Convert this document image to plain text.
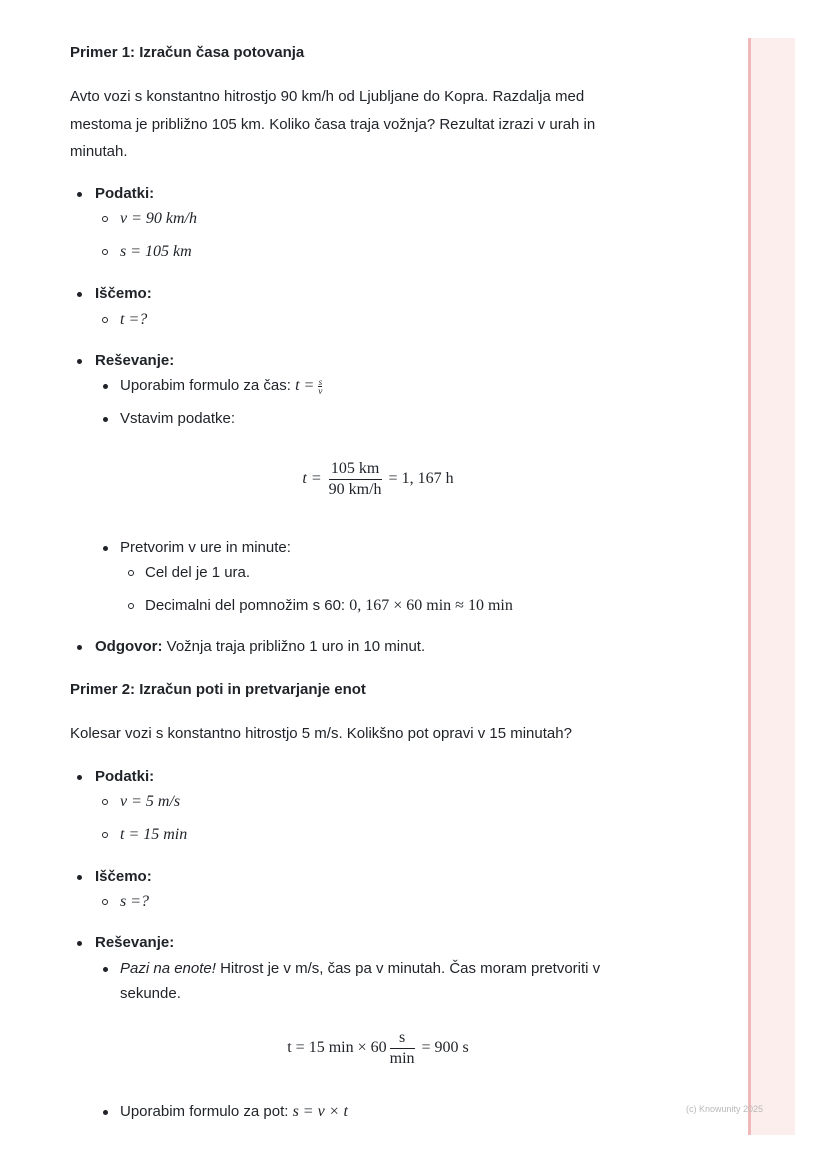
(c) Knowunity 2025
Primer 1: Izračun časa potovanja
Avto vozi s konstantno hitrostjo 90 km/h od Ljubljane do Kopra. Razdalja med
mestoma je približno 105 km. Koliko časa traja vožnja? Rezultat izrazi v urah in
minutah.
Podatki:
v = 90 km/h
s = 105 km
Iščemo:
t =?
Reševanje:
Uporabim formulo za čas: $t = \frac{s}{v}$
Vstavim podatke:
$t = \frac{105 km}{90 km/h} = 1$, 167 h
Pretvorim v ure in minute:
Cel del je 1 ura.
Decimalni del pomnožim s 60: 0, 167 × 60 min ≈ 10 min
Odgovor: Vožnja traja približno 1 uro in 10 minut.
Primer 2: Izračun poti in pretvarjanje enot
Kolesar vozi s konstantno hitrostjo 5 m/s. Kolikšno pot opravi v 15 minutah?
Podatki:
v = 5 m/s
t = 15 min
Iščemo:
s =?
Reševanje:
Pazi na enote! Hitrost je v m/s, čas pa v minutah. Čas moram pretvoriti v
sekunde.
t = 15 $\min \times 60 \frac{s}{\min} = 900$ s
Uporabim formulo za pot: s = v × t
